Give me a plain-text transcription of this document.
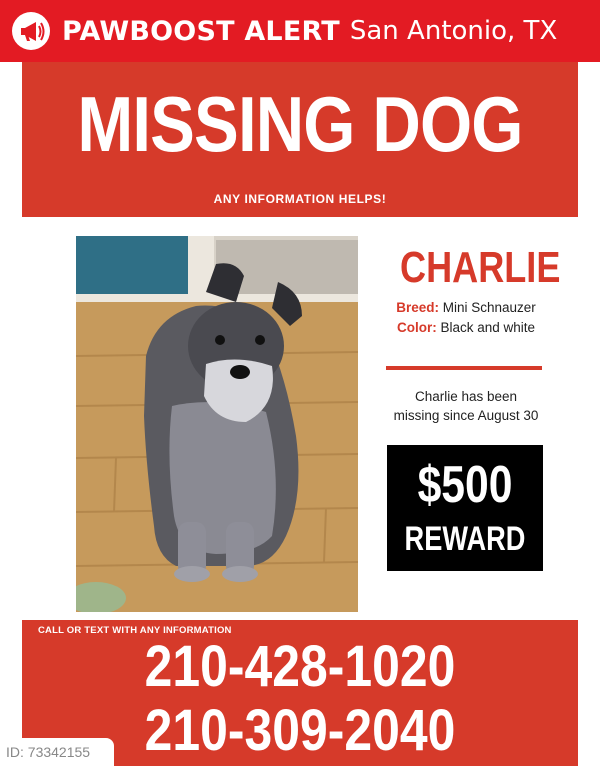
PAWBOOST ALERT San Antonio, TX
MISSING DOG
ANY INFORMATION HELPS!
CHARLIE
Breed: Mini Schnauzer
Color: Black and white
Charlie has been
missing since August 30
$500
REWARD
CALL OR TEXT WITH ANY INFORMATION
210-428-1020
210-309-2040
ID: 73342155
